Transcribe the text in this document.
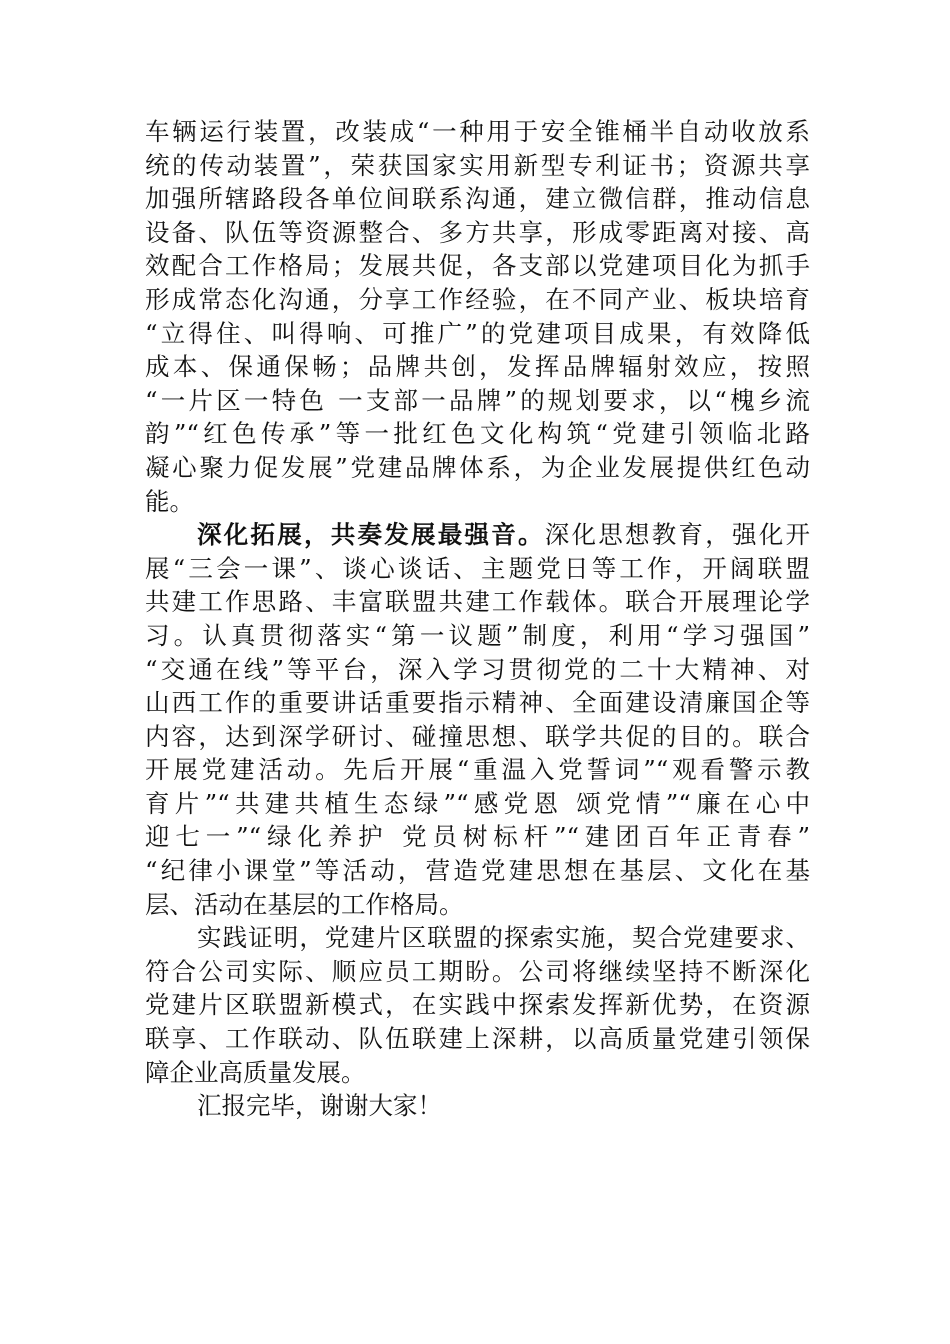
车辆运行装置，改装成“一种用于安全锥桶半自动收放系
统的传动装置”，荣获国家实用新型专利证书；资源共享
加强所辖路段各单位间联系沟通，建立微信群，推动信息
设备、队伍等资源整合、多方共享，形成零距离对接、高
效配合工作格局；发展共促，各支部以党建项目化为抓手
形成常态化沟通，分享工作经验，在不同产业、板块培育
“立得住、叫得响、可推广”的党建项目成果，有效降低
成本、保通保畅；品牌共创，发挥品牌辐射效应，按照
“一片区一特色 一支部一品牌”的规划要求，以“槐乡流
韵”“红色传承”等一批红色文化构筑“党建引领临北路
凝心聚力促发展”党建品牌体系，为企业发展提供红色动
能。
深化拓展，共奏发展最强音。深化思想教育，强化开
展“三会一课”、谈心谈话、主题党日等工作，开阔联盟
共建工作思路、丰富联盟共建工作载体。联合开展理论学
习。认真贯彻落实“第一议题”制度，利用“学习强国”
“交通在线”等平台，深入学习贯彻党的二十大精神、对
山西工作的重要讲话重要指示精神、全面建设清廉国企等
内容，达到深学研讨、碰撞思想、联学共促的目的。联合
开展党建活动。先后开展“重温入党誓词”“观看警示教
育片”“共建共植生态绿”“感党恩 颂党情”“廉在心中
迎七一”“绿化养护 党员树标杆”“建团百年正青春”
“纪律小课堂”等活动，营造党建思想在基层、文化在基
层、活动在基层的工作格局。
实践证明，党建片区联盟的探索实施，契合党建要求、
符合公司实际、顺应员工期盼。公司将继续坚持不断深化
党建片区联盟新模式，在实践中探索发挥新优势，在资源
联享、工作联动、队伍联建上深耕，以高质量党建引领保
障企业高质量发展。
汇报完毕，谢谢大家！
